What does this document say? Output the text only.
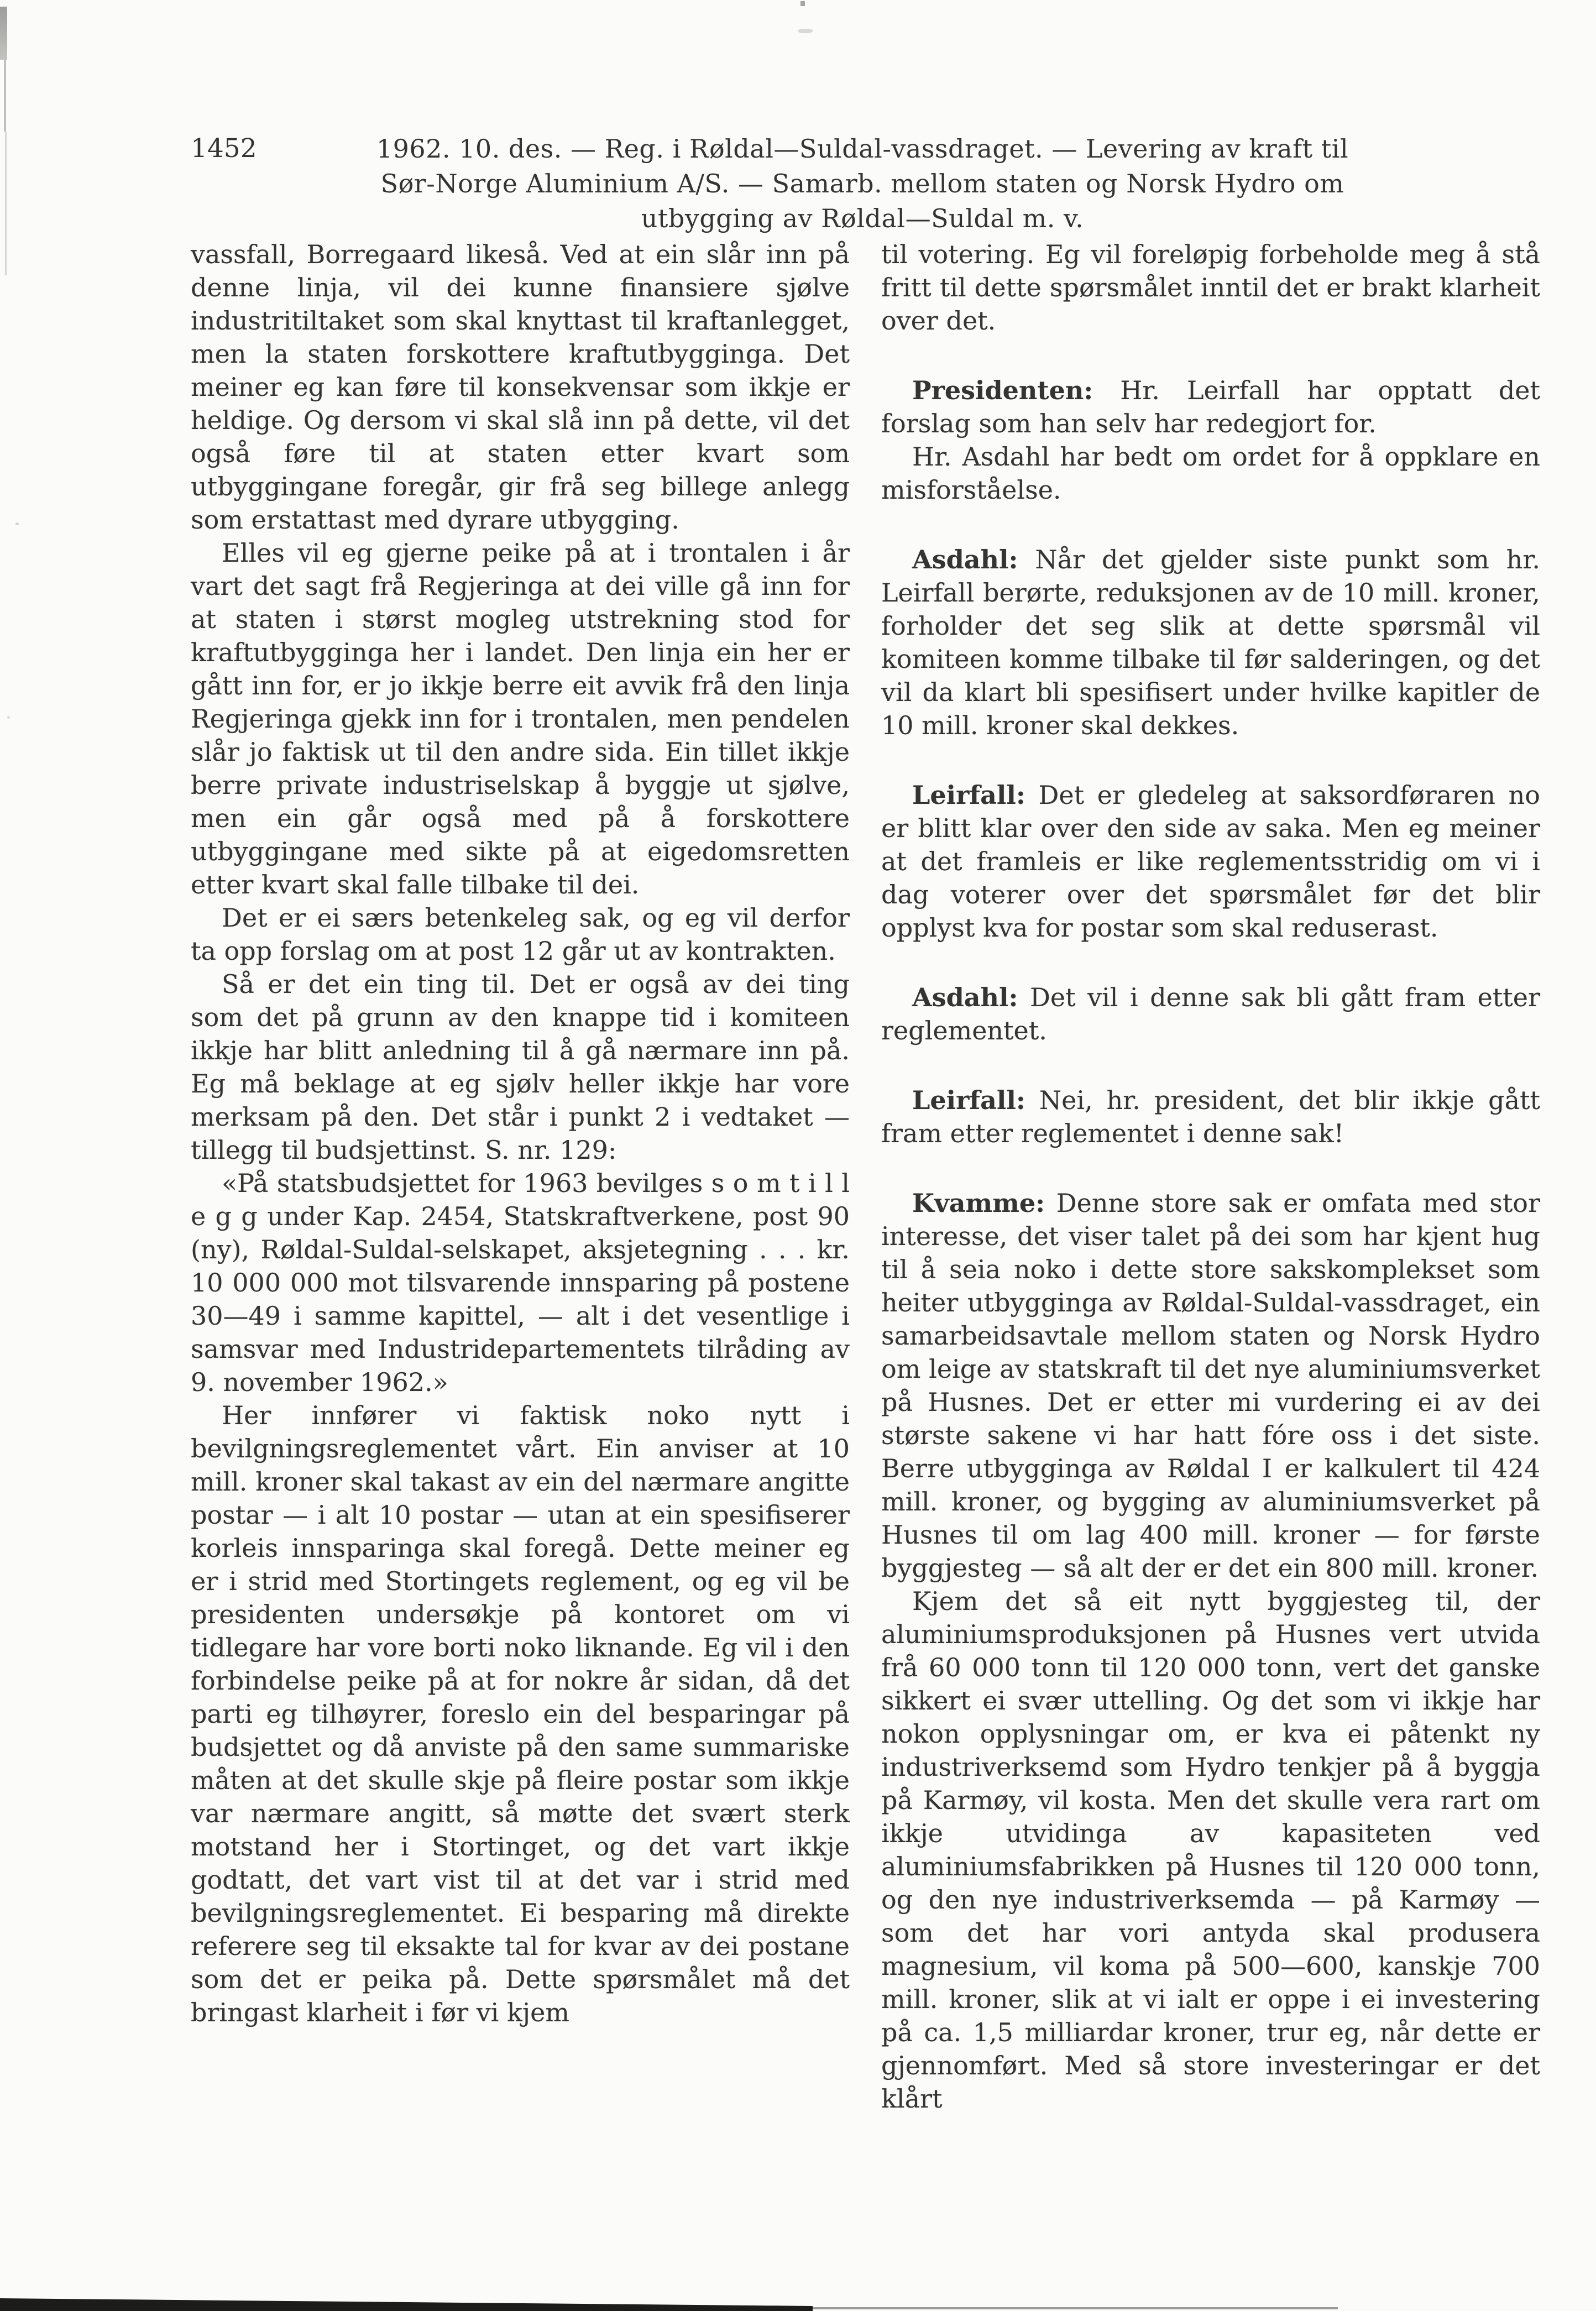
1452	1962. 10. des. — Reg. i Røldal—Suldal-vassdraget. — Levering av kraft til
Sør-Norge Aluminium A/S. — Samarb. mellom staten og Norsk Hydro om
utbygging av Røldal—Suldal m. v.

vassfall, Borregaard likeså. Ved at ein slår inn på denne linja, vil dei kunne finansiere sjølve industritiltaket som skal knyttast til kraftanlegget, men la staten forskottere kraftutbygginga. Det meiner eg kan føre til konsekvensar som ikkje er heldige. Og dersom vi skal slå inn på dette, vil det også føre til at staten etter kvart som utbyggingane foregår, gir frå seg billege anlegg som erstattast med dyrare utbygging.

Elles vil eg gjerne peike på at i trontalen i år vart det sagt frå Regjeringa at dei ville gå inn for at staten i størst mogleg utstrekning stod for kraftutbygginga her i landet. Den linja ein her er gått inn for, er jo ikkje berre eit avvik frå den linja Regjeringa gjekk inn for i trontalen, men pendelen slår jo faktisk ut til den andre sida. Ein tillet ikkje berre private industriselskap å byggje ut sjølve, men ein går også med på å forskottere utbyggingane med sikte på at eigedomsretten etter kvart skal falle tilbake til dei.

Det er ei særs betenkeleg sak, og eg vil derfor ta opp forslag om at post 12 går ut av kontrakten.

Så er det ein ting til. Det er også av dei ting som det på grunn av den knappe tid i komiteen ikkje har blitt anledning til å gå nærmare inn på. Eg må beklage at eg sjølv heller ikkje har vore merksam på den. Det står i punkt 2 i vedtaket — tillegg til budsjettinst. S. nr. 129:

«På statsbudsjettet for 1963 bevilges s o m t i l l e g g under Kap. 2454, Statskraftverkene, post 90 (ny), Røldal-Suldal-selskapet, aksjetegning . . . kr. 10 000 000 mot tilsvarende innsparing på postene 30—49 i samme kapittel, — alt i det vesentlige i samsvar med Industridepartementets tilråding av 9. november 1962.»

Her innfører vi faktisk noko nytt i bevilgningsreglementet vårt. Ein anviser at 10 mill. kroner skal takast av ein del nærmare angitte postar — i alt 10 postar — utan at ein spesifiserer korleis innsparinga skal foregå. Dette meiner eg er i strid med Stortingets reglement, og eg vil be presidenten undersøkje på kontoret om vi tidlegare har vore borti noko liknande. Eg vil i den forbindelse peike på at for nokre år sidan, då det parti eg tilhøyrer, foreslo ein del besparingar på budsjettet og då anviste på den same summariske måten at det skulle skje på fleire postar som ikkje var nærmare angitt, så møtte det svært sterk motstand her i Stortinget, og det vart ikkje godtatt, det vart vist til at det var i strid med bevilgningsreglementet. Ei besparing må direkte referere seg til eksakte tal for kvar av dei postane som det er peika på. Dette spørsmålet må det bringast klarheit i før vi kjem

til votering. Eg vil foreløpig forbeholde meg å stå fritt til dette spørsmålet inntil det er brakt klarheit over det.

Presidenten: Hr. Leirfall har opptatt det forslag som han selv har redegjort for.

Hr. Asdahl har bedt om ordet for å oppklare en misforståelse.

Asdahl: Når det gjelder siste punkt som hr. Leirfall berørte, reduksjonen av de 10 mill. kroner, forholder det seg slik at dette spørsmål vil komiteen komme tilbake til før salderingen, og det vil da klart bli spesifisert under hvilke kapitler de 10 mill. kroner skal dekkes.

Leirfall: Det er gledeleg at saksordføraren no er blitt klar over den side av saka. Men eg meiner at det framleis er like reglementsstridig om vi i dag voterer over det spørsmålet før det blir opplyst kva for postar som skal reduserast.

Asdahl: Det vil i denne sak bli gått fram etter reglementet.

Leirfall: Nei, hr. president, det blir ikkje gått fram etter reglementet i denne sak!

Kvamme: Denne store sak er omfata med stor interesse, det viser talet på dei som har kjent hug til å seia noko i dette store sakskomplekset som heiter utbygginga av Røldal-Suldal-vassdraget, ein samarbeidsavtale mellom staten og Norsk Hydro om leige av statskraft til det nye aluminiumsverket på Husnes. Det er etter mi vurdering ei av dei største sakene vi har hatt fóre oss i det siste. Berre utbygginga av Røldal I er kalkulert til 424 mill. kroner, og bygging av aluminiumsverket på Husnes til om lag 400 mill. kroner — for første byggjesteg — så alt der er det ein 800 mill. kroner.

Kjem det så eit nytt byggjesteg til, der aluminiumsproduksjonen på Husnes vert utvida frå 60 000 tonn til 120 000 tonn, vert det ganske sikkert ei svær uttelling. Og det som vi ikkje har nokon opplysningar om, er kva ei påtenkt ny industriverksemd som Hydro tenkjer på å byggja på Karmøy, vil kosta. Men det skulle vera rart om ikkje utvidinga av kapasiteten ved aluminiumsfabrikken på Husnes til 120 000 tonn, og den nye industriverksemda — på Karmøy — som det har vori antyda skal produsera magnesium, vil koma på 500—600, kanskje 700 mill. kroner, slik at vi ialt er oppe i ei investering på ca. 1,5 milliardar kroner, trur eg, når dette er gjennomført. Med så store investeringar er det klårt
